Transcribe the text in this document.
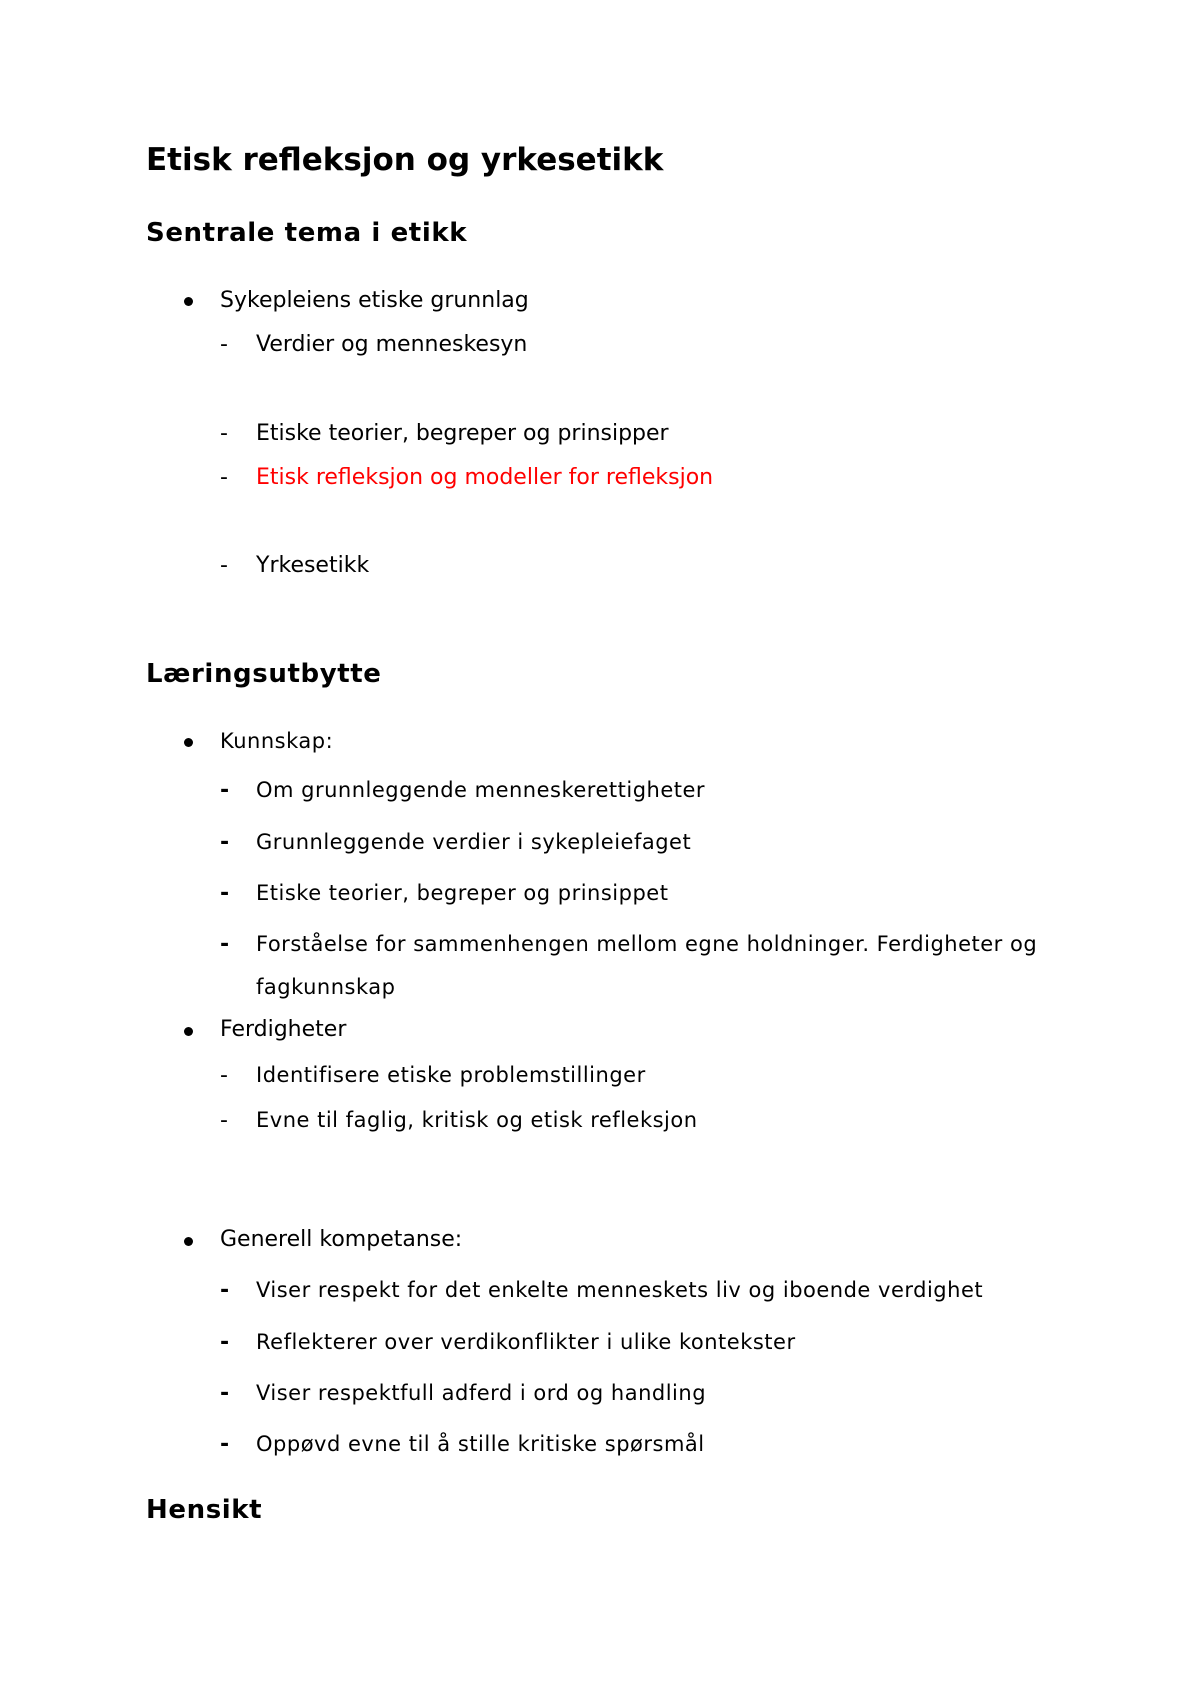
Etisk refleksjon og yrkesetikk
Sentrale tema i etikk
Sykepleiens etiske grunnlag
- Verdier og menneskesyn
- Etiske teorier, begreper og prinsipper
- Etisk refleksjon og modeller for refleksjon
- Yrkesetikk
Læringsutbytte
Kunnskap:
- Om grunnleggende menneskerettigheter
- Grunnleggende verdier i sykepleiefaget
- Etiske teorier, begreper og prinsippet
- Forståelse for sammenhengen mellom egne holdninger. Ferdigheter og
fagkunnskap
Ferdigheter
- Identifisere etiske problemstillinger
- Evne til faglig, kritisk og etisk refleksjon
Generell kompetanse:
- Viser respekt for det enkelte menneskets liv og iboende verdighet
- Reflekterer over verdikonflikter i ulike kontekster
- Viser respektfull adferd i ord og handling
- Oppøvd evne til å stille kritiske spørsmål
Hensikt
